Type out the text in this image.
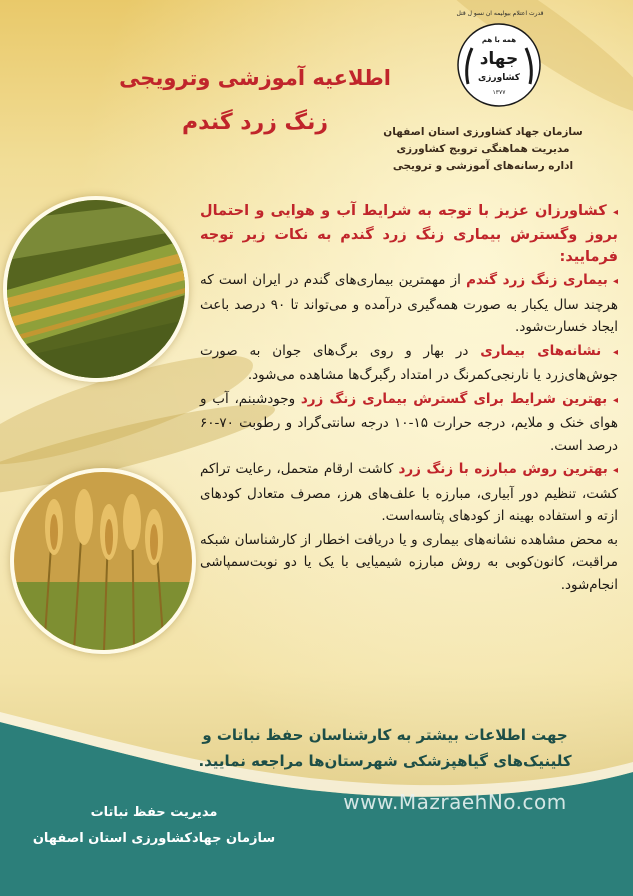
همه با هم
جهاد
کشاورزی
۱۳۷۷
قدرت اعتلام بیولیمه ان نسو ل قتل
سازمان جهاد کشاورزی استان اصفهان
مدیریت هماهنگی ترویج کشاورزی
اداره رسانه‌های آموزشی و ترویجی
اطلاعیه آموزشی وترویجی
زنگ زرد گندم

◂ کشاورزان عزیز با توجه به شرایط آب و هوایی و احتمال بروز وگسترش بیماری زنگ زرد گندم به نکات زیر توجه فرمایید:

◂ بیماری زنگ زرد گندم از مهمترین بیماری‌های گندم در ایران است که هرچند سال یکبار به صورت همه‌گیری درآمده و می‌تواند تا ۹۰ درصد باعث ایجاد خسارت‌شود.

◂ نشانه‌های بیماری در بهار و روی برگ‌های جوان به صورت جوش‌های‌زرد یا نارنجی‌کمرنگ در امتداد رگبرگ‌ها مشاهده می‌شود.

◂ بهترین شرایط برای گسترش بیماری زنگ زرد وجودشبنم، آب و هوای خنک و ملایم، درجه حرارت ۱۵-۱۰ درجه سانتی‌گراد و رطوبت ۷۰-۶۰ درصد است.

◂ بهترین روش مبارزه با زنگ زرد کاشت ارقام متحمل، رعایت تراکم کشت، تنظیم دور آبیاری، مبارزه با علف‌های هرز، مصرف متعادل کودهای ازته و استفاده بهینه از کودهای پتاسه‌است.

به محض مشاهده نشانه‌های بیماری و یا دریافت اخطار از کارشناسان شبکه مراقبت، کانون‌کوبی به روش مبارزه شیمیایی با یک یا دو نوبت‌سمپاشی انجام‌شود.

جهت اطلاعات بیشتر به کارشناسان حفظ نباتات و
کلینیک‌های گیاهپزشکی شهرستان‌ها مراجعه نمایید.
مدیریت حفظ نباتات
سازمان جهادکشاورزی استان اصفهان
www.MazraehNo.com
